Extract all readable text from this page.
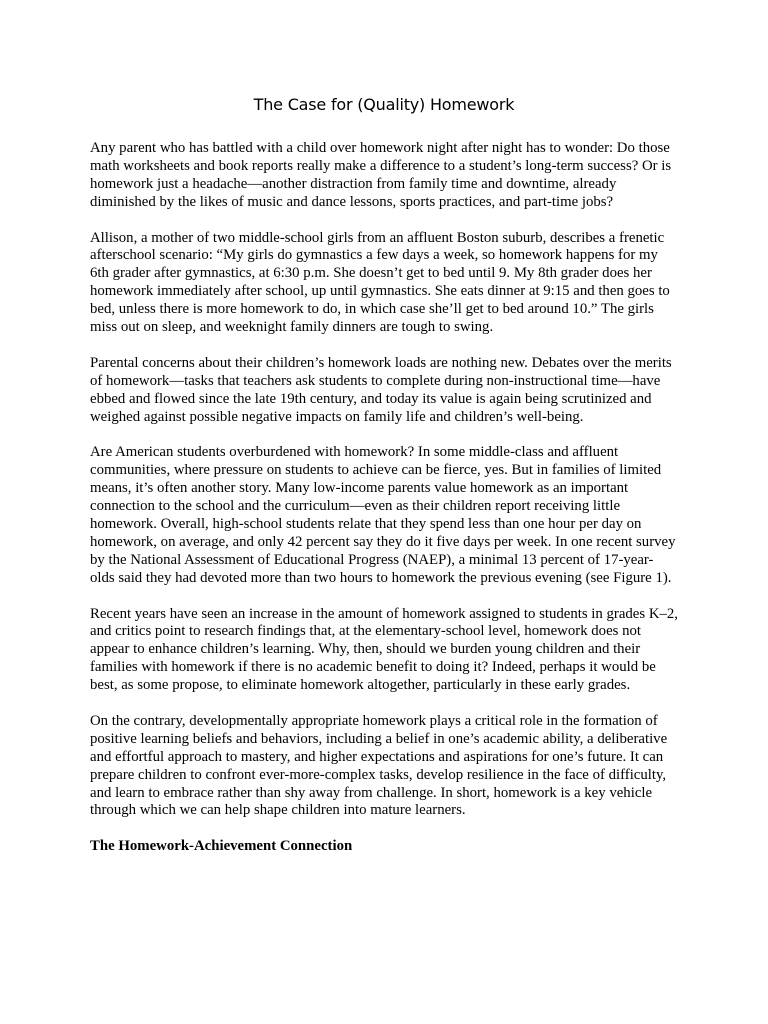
The Case for (Quality) Homework

Any parent who has battled with a child over homework night after night has to wonder: Do those math worksheets and book reports really make a difference to a student’s long-term success? Or is homework just a headache—another distraction from family time and downtime, already diminished by the likes of music and dance lessons, sports practices, and part-time jobs?

Allison, a mother of two middle-school girls from an affluent Boston suburb, describes a frenetic afterschool scenario: “My girls do gymnastics a few days a week, so homework happens for my 6th grader after gymnastics, at 6:30 p.m. She doesn’t get to bed until 9. My 8th grader does her homework immediately after school, up until gymnastics. She eats dinner at 9:15 and then goes to bed, unless there is more homework to do, in which case she’ll get to bed around 10.” The girls miss out on sleep, and weeknight family dinners are tough to swing.

Parental concerns about their children’s homework loads are nothing new. Debates over the merits of homework—tasks that teachers ask students to complete during non-instructional time—have ebbed and flowed since the late 19th century, and today its value is again being scrutinized and weighed against possible negative impacts on family life and children’s well-being.

Are American students overburdened with homework? In some middle-class and affluent communities, where pressure on students to achieve can be fierce, yes. But in families of limited means, it’s often another story. Many low-income parents value homework as an important connection to the school and the curriculum—even as their children report receiving little homework. Overall, high-school students relate that they spend less than one hour per day on homework, on average, and only 42 percent say they do it five days per week. In one recent survey by the National Assessment of Educational Progress (NAEP), a minimal 13 percent of 17-year-olds said they had devoted more than two hours to homework the previous evening (see Figure 1).

Recent years have seen an increase in the amount of homework assigned to students in grades K–2, and critics point to research findings that, at the elementary-school level, homework does not appear to enhance children’s learning. Why, then, should we burden young children and their families with homework if there is no academic benefit to doing it? Indeed, perhaps it would be best, as some propose, to eliminate homework altogether, particularly in these early grades.

On the contrary, developmentally appropriate homework plays a critical role in the formation of positive learning beliefs and behaviors, including a belief in one’s academic ability, a deliberative and effortful approach to mastery, and higher expectations and aspirations for one’s future. It can prepare children to confront ever-more-complex tasks, develop resilience in the face of difficulty, and learn to embrace rather than shy away from challenge. In short, homework is a key vehicle through which we can help shape children into mature learners.

The Homework-Achievement Connection
